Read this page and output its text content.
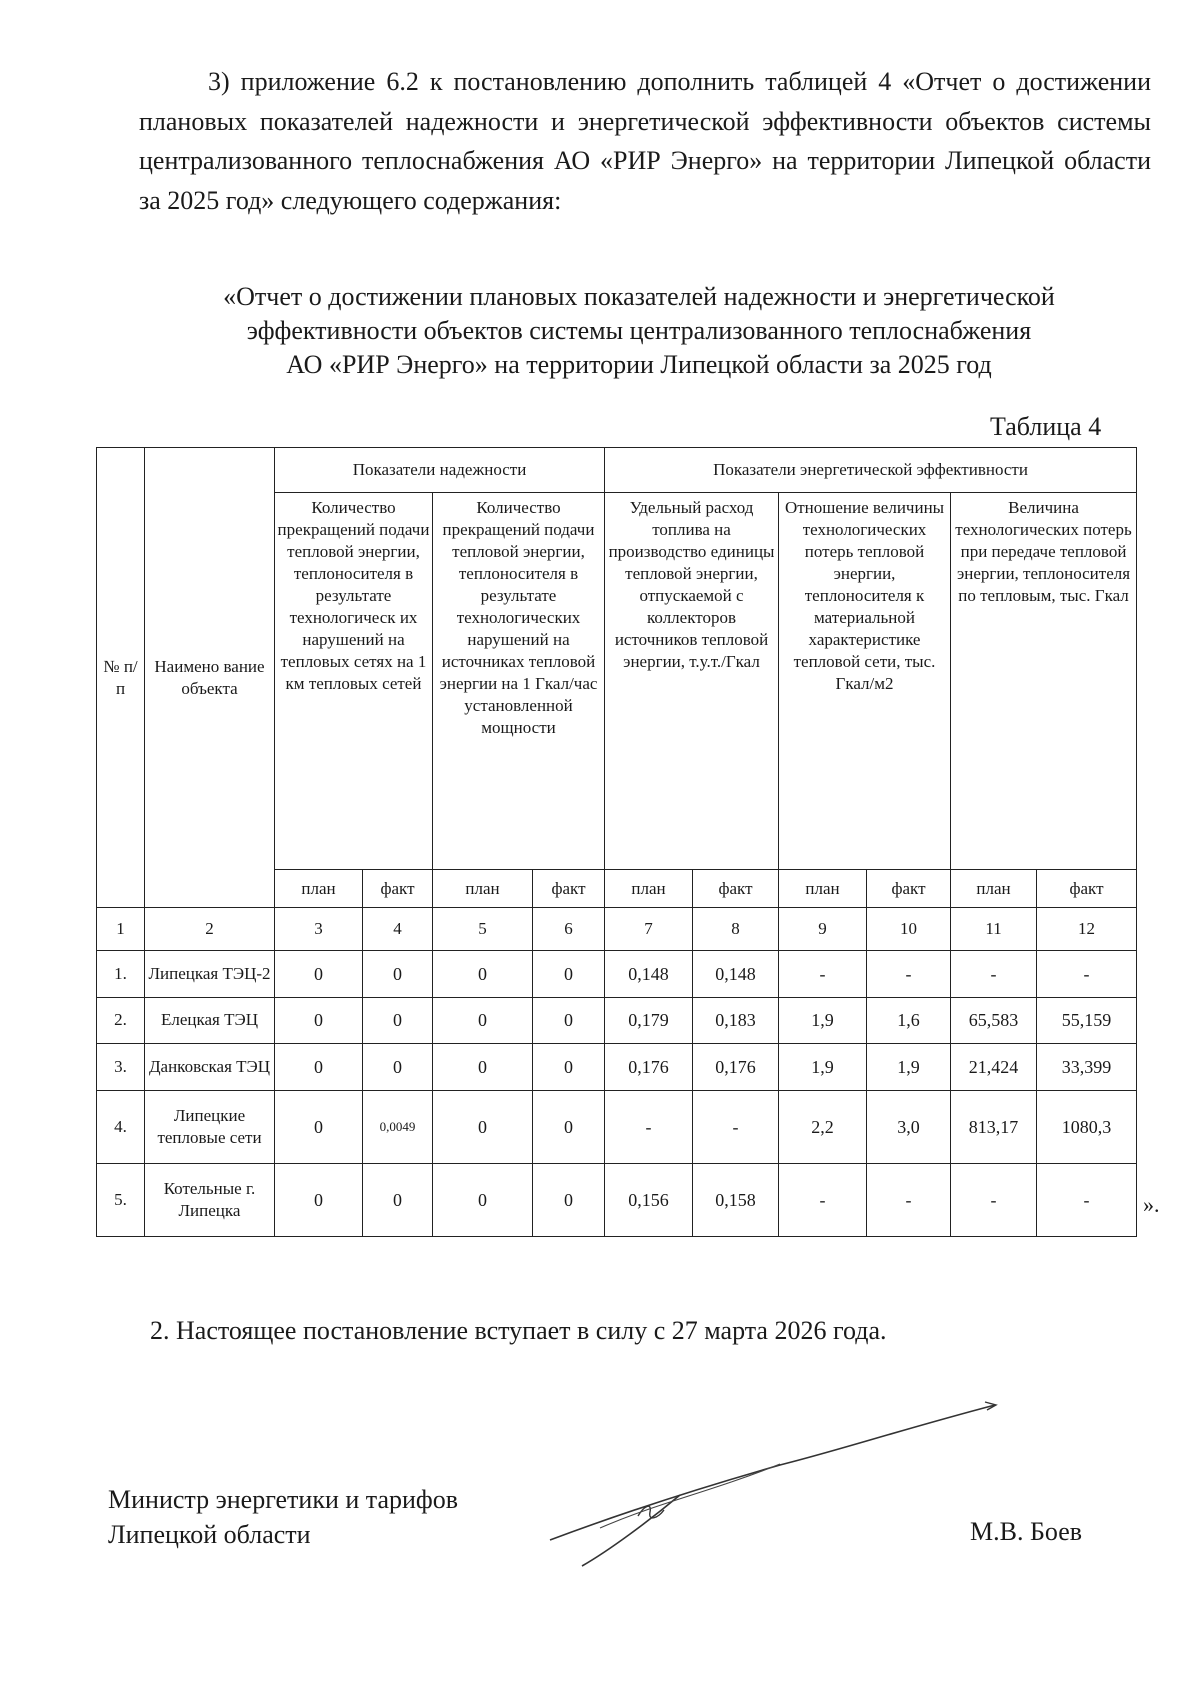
3) приложение 6.2 к постановлению дополнить таблицей 4 «Отчет о достижении плановых показателей надежности и энергетической эффективности объектов системы централизованного теплоснабжения АО «РИР Энерго» на территории Липецкой области за 2025 год» следующего содержания:

«Отчет о достижении плановых показателей надежности и энергетической
эффективности объектов системы централизованного теплоснабжения
АО «РИР Энерго» на территории Липецкой области за 2025 год
Таблица 4
№ п/п	Наимено вание объекта	Показатели надежности				Показатели энергетической эффективности					
		Количество прекращений подачи тепловой энергии, теплоносителя в результате технологическ их нарушений на тепловых сетях на 1 км тепловых сетей		Количество прекращений подачи тепловой энергии, теплоносителя в результате технологических нарушений на источниках тепловой энергии на 1 Гкал/час установленной мощности		Удельный расход топлива на производство единицы тепловой энергии, отпускаемой с коллекторов источников тепловой энергии, т.у.т./Гкал		Отношение величины технологических потерь тепловой энергии, теплоносителя к материальной характеристике тепловой сети, тыс. Гкал/м2		Величина технологических потерь при передаче тепловой энергии, теплоносителя по тепловым, тыс. Гкал	
		план	факт	план	факт	план	факт	план	факт	план	факт
1	2	3	4	5	6	7	8	9	10	11	12
1.	Липецкая ТЭЦ-2	0	0	0	0	0,148	0,148	-	-	-	-
2.	Елецкая ТЭЦ	0	0	0	0	0,179	0,183	1,9	1,6	65,583	55,159
3.	Данковская ТЭЦ	0	0	0	0	0,176	0,176	1,9	1,9	21,424	33,399
4.	Липецкие тепловые сети	0	0,0049	0	0	-	-	2,2	3,0	813,17	1080,3
5.	Котельные г. Липецка	0	0	0	0	0,156	0,158	-	-	-	- ».
2. Настоящее постановление вступает в силу с 27 марта 2026 года.
Министр энергетики и тарифов
Липецкой области	М.В. Боев
